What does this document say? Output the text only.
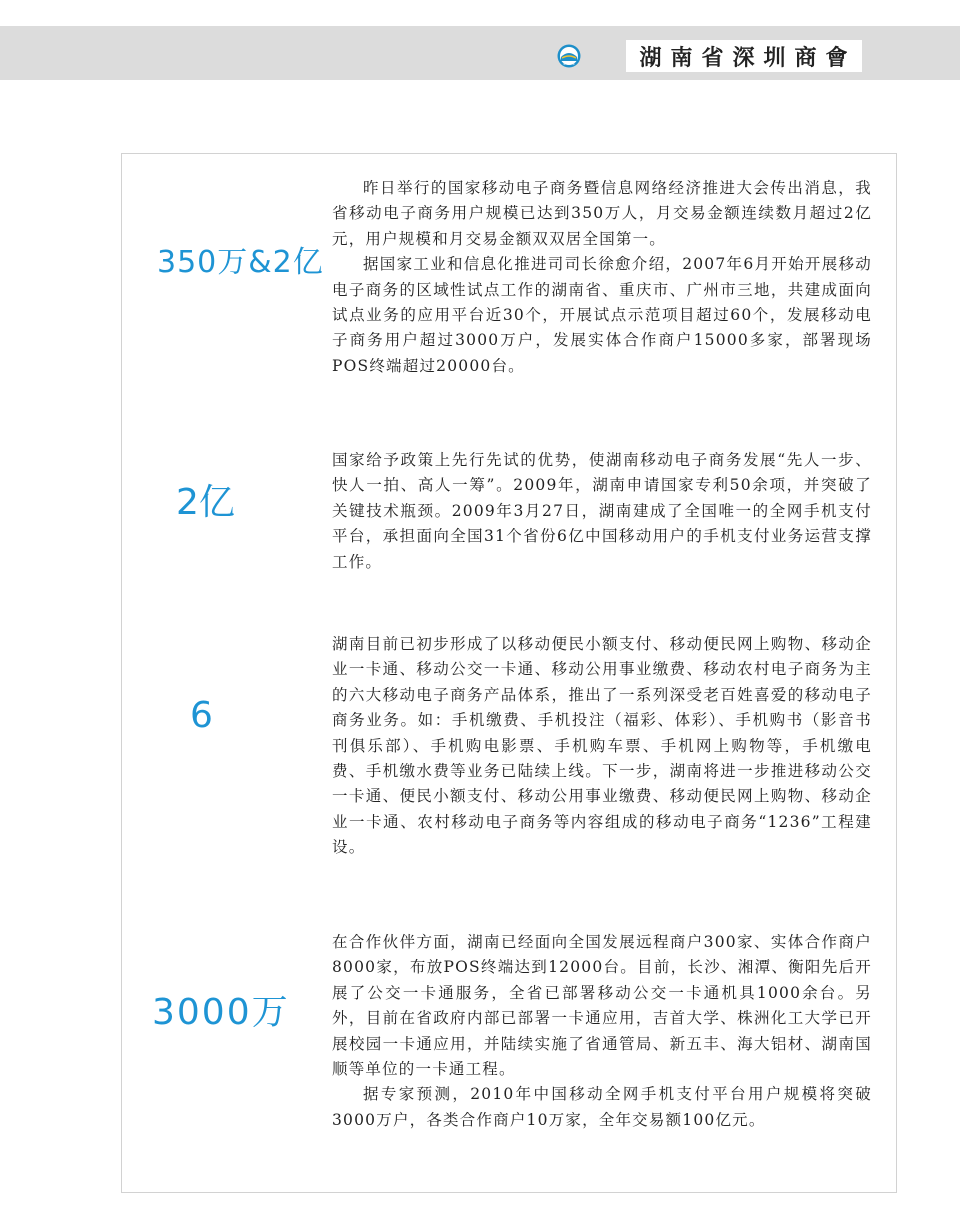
SZCC	湖南省深圳商會
350万&2亿

昨日举行的国家移动电子商务暨信息网络经济推进大会传出消息，我省移动电子商务用户规模已达到350万人，月交易金额连续数月超过2亿元，用户规模和月交易金额双双居全国第一。

据国家工业和信息化推进司司长徐愈介绍，2007年6月开始开展移动电子商务的区域性试点工作的湖南省、重庆市、广州市三地，共建成面向试点业务的应用平台近30个，开展试点示范项目超过60个，发展移动电子商务用户超过3000万户，发展实体合作商户15000多家，部署现场POS终端超过20000台。

2亿

国家给予政策上先行先试的优势，使湖南移动电子商务发展“先人一步、快人一拍、高人一筹”。2009年，湖南申请国家专利50余项，并突破了关键技术瓶颈。2009年3月27日，湖南建成了全国唯一的全网手机支付平台，承担面向全国31个省份6亿中国移动用户的手机支付业务运营支撑工作。

6

湖南目前已初步形成了以移动便民小额支付、移动便民网上购物、移动企业一卡通、移动公交一卡通、移动公用事业缴费、移动农村电子商务为主的六大移动电子商务产品体系，推出了一系列深受老百姓喜爱的移动电子商务业务。如：手机缴费、手机投注（福彩、体彩）、手机购书（影音书刊俱乐部）、手机购电影票、手机购车票、手机网上购物等，手机缴电费、手机缴水费等业务已陆续上线。下一步，湖南将进一步推进移动公交一卡通、便民小额支付、移动公用事业缴费、移动便民网上购物、移动企业一卡通、农村移动电子商务等内容组成的移动电子商务“1236”工程建设。

3000万

在合作伙伴方面，湖南已经面向全国发展远程商户300家、实体合作商户8000家，布放POS终端达到12000台。目前，长沙、湘潭、衡阳先后开展了公交一卡通服务，全省已部署移动公交一卡通机具1000余台。另外，目前在省政府内部已部署一卡通应用，吉首大学、株洲化工大学已开展校园一卡通应用，并陆续实施了省通管局、新五丰、海大铝材、湖南国顺等单位的一卡通工程。

据专家预测，2010年中国移动全网手机支付平台用户规模将突破3000万户，各类合作商户10万家，全年交易额100亿元。
